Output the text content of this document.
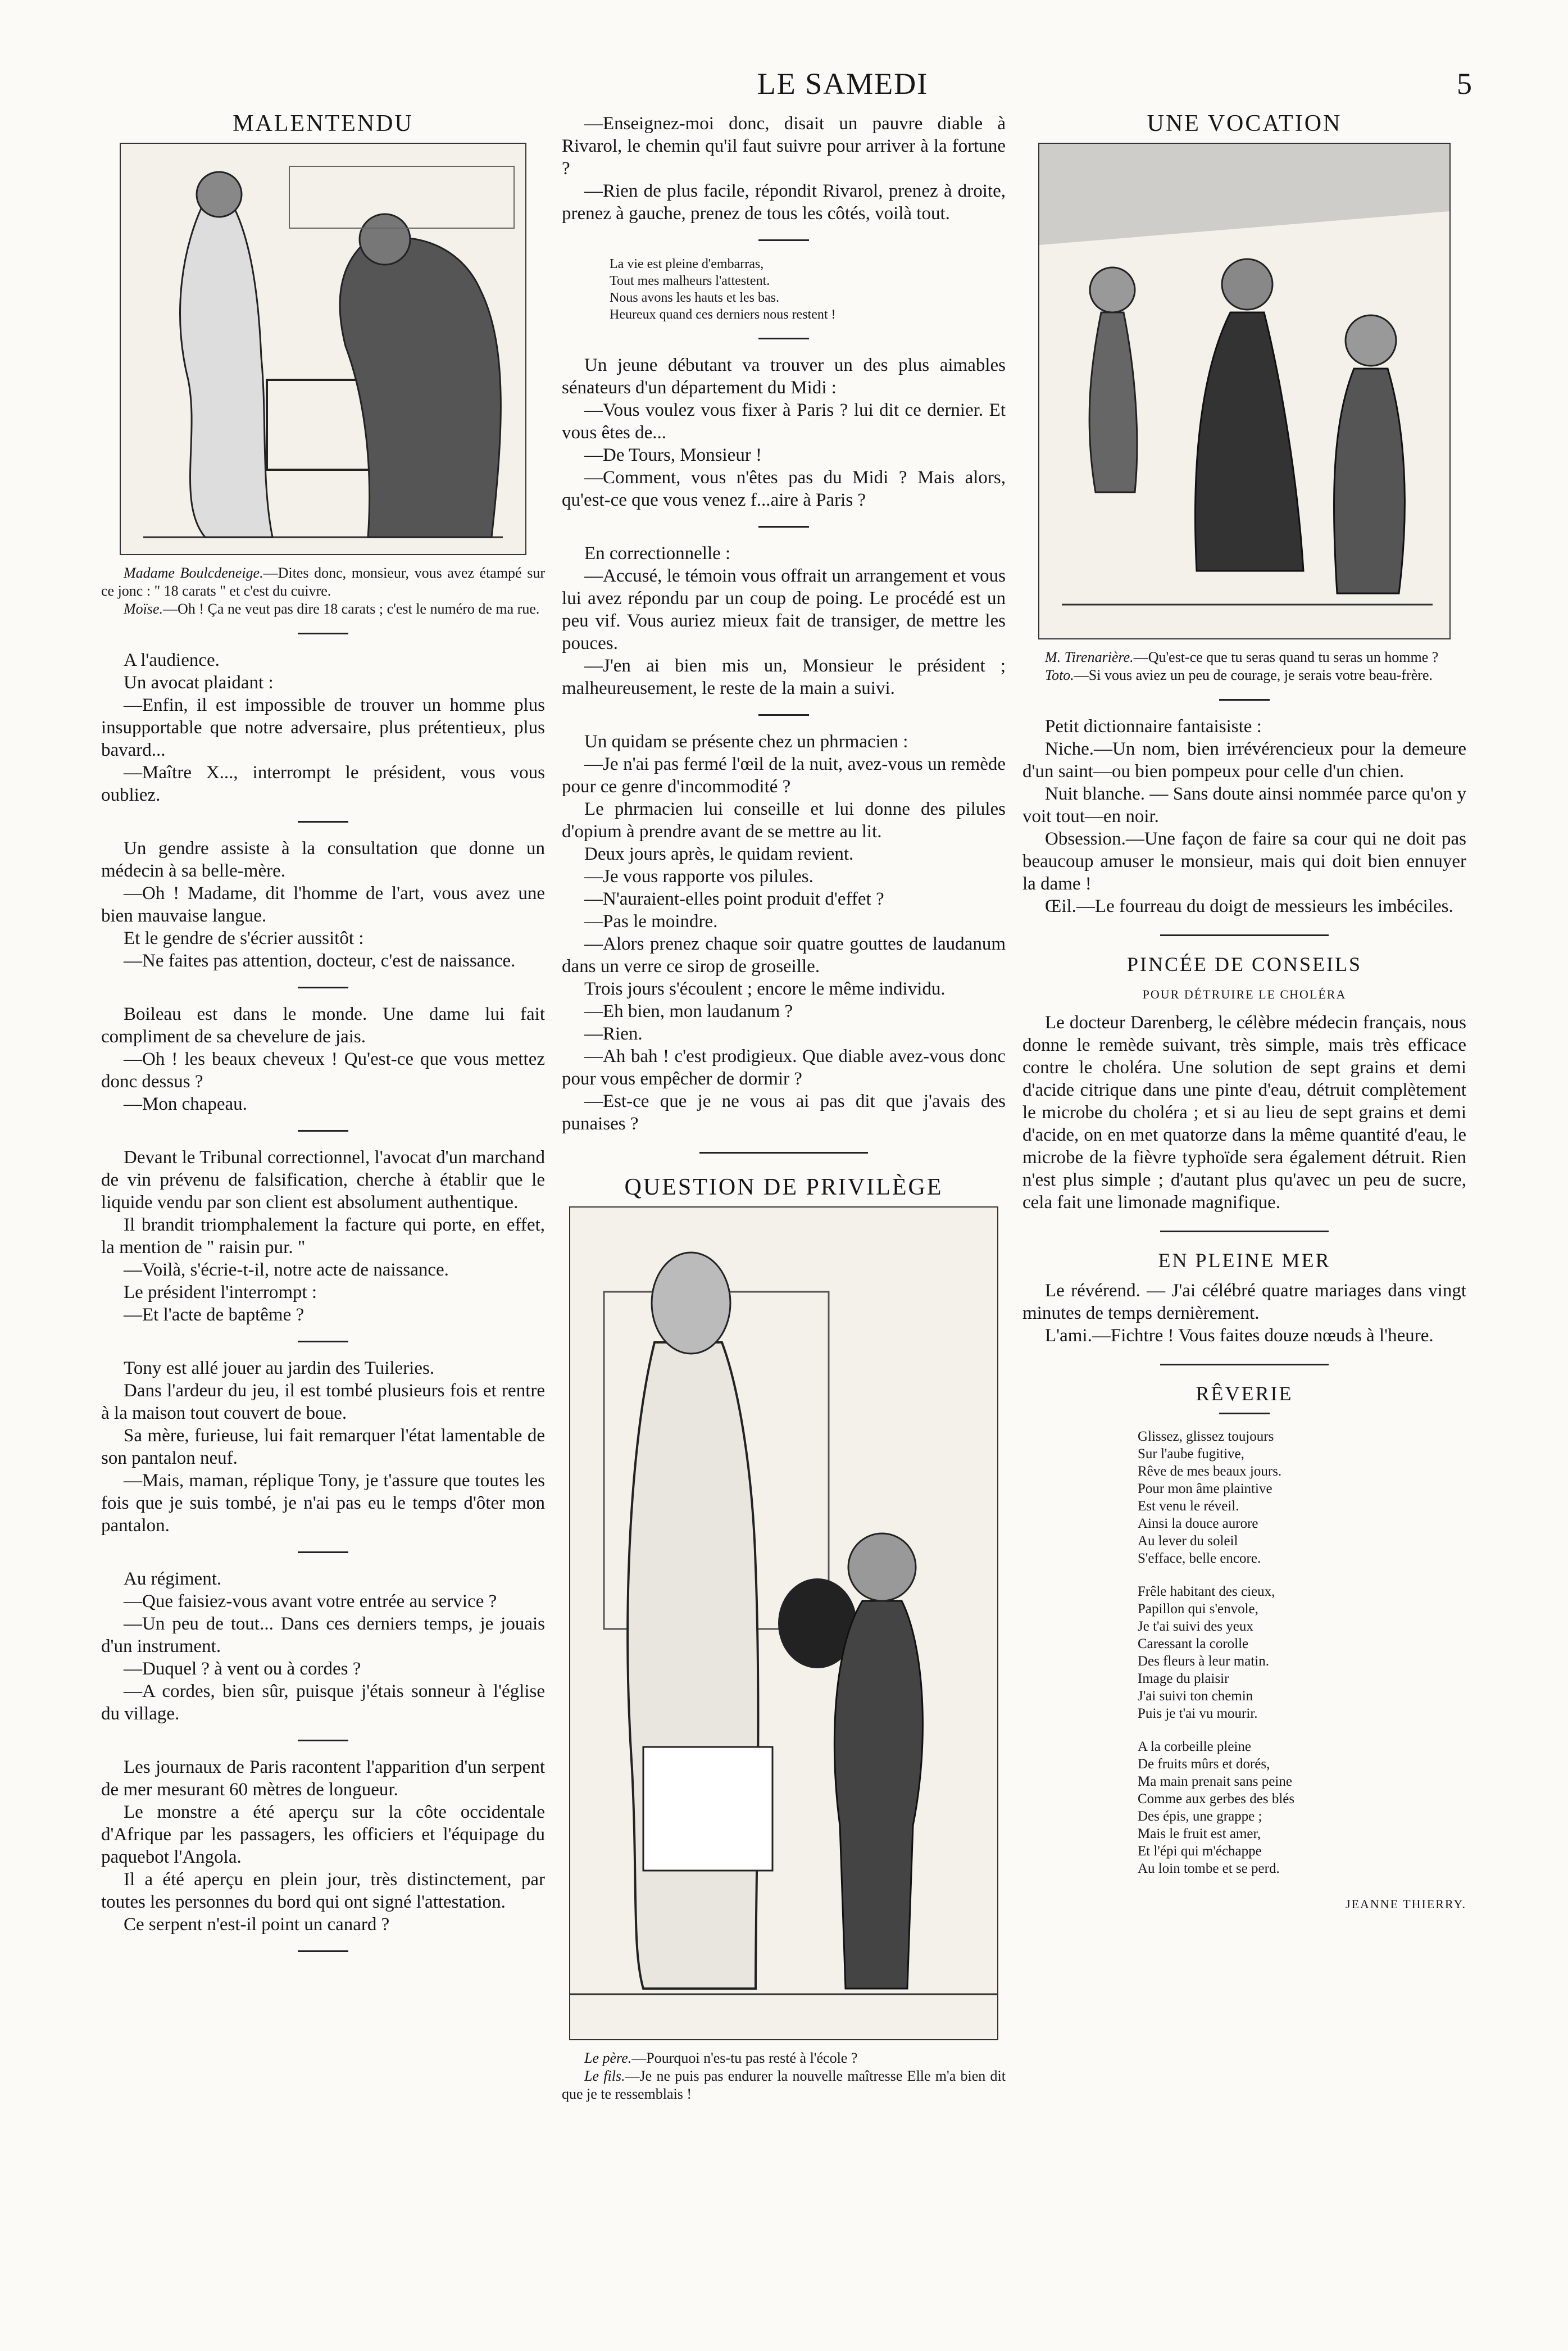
LE SAMEDI	5
MALENTENDU

Madame Boulcdeneige.—Dites donc, monsieur, vous avez étampé sur ce jonc : " 18 carats " et c'est du cuivre.

Moïse.—Oh ! Ça ne veut pas dire 18 carats ; c'est le numéro de ma rue.

A l'audience.

Un avocat plaidant :

—Enfin, il est impossible de trouver un homme plus insupportable que notre adversaire, plus prétentieux, plus bavard...

—Maître X..., interrompt le président, vous vous oubliez.

Un gendre assiste à la consultation que donne un médecin à sa belle-mère.

—Oh ! Madame, dit l'homme de l'art, vous avez une bien mauvaise langue.

Et le gendre de s'écrier aussitôt :

—Ne faites pas attention, docteur, c'est de naissance.

Boileau est dans le monde. Une dame lui fait compliment de sa chevelure de jais.

—Oh ! les beaux cheveux ! Qu'est-ce que vous mettez donc dessus ?

—Mon chapeau.

Devant le Tribunal correctionnel, l'avocat d'un marchand de vin prévenu de falsification, cherche à établir que le liquide vendu par son client est absolument authentique.

Il brandit triomphalement la facture qui porte, en effet, la mention de " raisin pur. "

—Voilà, s'écrie-t-il, notre acte de naissance.

Le président l'interrompt :

—Et l'acte de baptême ?

Tony est allé jouer au jardin des Tuileries.

Dans l'ardeur du jeu, il est tombé plusieurs fois et rentre à la maison tout couvert de boue.

Sa mère, furieuse, lui fait remarquer l'état lamentable de son pantalon neuf.

—Mais, maman, réplique Tony, je t'assure que toutes les fois que je suis tombé, je n'ai pas eu le temps d'ôter mon pantalon.

Au régiment.

—Que faisiez-vous avant votre entrée au service ?

—Un peu de tout... Dans ces derniers temps, je jouais d'un instrument.

—Duquel ? à vent ou à cordes ?

—A cordes, bien sûr, puisque j'étais sonneur à l'église du village.

Les journaux de Paris racontent l'apparition d'un serpent de mer mesurant 60 mètres de longueur.

Le monstre a été aperçu sur la côte occidentale d'Afrique par les passagers, les officiers et l'équipage du paquebot l'Angola.

Il a été aperçu en plein jour, très distinctement, par toutes les personnes du bord qui ont signé l'attestation.

Ce serpent n'est-il point un canard ?

—Enseignez-moi donc, disait un pauvre diable à Rivarol, le chemin qu'il faut suivre pour arriver à la fortune ?

—Rien de plus facile, répondit Rivarol, prenez à droite, prenez à gauche, prenez de tous les côtés, voilà tout.

La vie est pleine d'embarras,
Tout mes malheurs l'attestent.
Nous avons les hauts et les bas.
Heureux quand ces derniers nous restent !

Un jeune débutant va trouver un des plus aimables sénateurs d'un département du Midi :

—Vous voulez vous fixer à Paris ? lui dit ce dernier. Et vous êtes de...

—De Tours, Monsieur !

—Comment, vous n'êtes pas du Midi ? Mais alors, qu'est-ce que vous venez f...aire à Paris ?

En correctionnelle :

—Accusé, le témoin vous offrait un arrangement et vous lui avez répondu par un coup de poing. Le procédé est un peu vif. Vous auriez mieux fait de transiger, de mettre les pouces.

—J'en ai bien mis un, Monsieur le président ; malheureusement, le reste de la main a suivi.

Un quidam se présente chez un phrmacien :

—Je n'ai pas fermé l'œil de la nuit, avez-vous un remède pour ce genre d'incommodité ?

Le phrmacien lui conseille et lui donne des pilules d'opium à prendre avant de se mettre au lit.

Deux jours après, le quidam revient.

—Je vous rapporte vos pilules.

—N'auraient-elles point produit d'effet ?

—Pas le moindre.

—Alors prenez chaque soir quatre gouttes de laudanum dans un verre ce sirop de groseille.

Trois jours s'écoulent ; encore le même individu.

—Eh bien, mon laudanum ?

—Rien.

—Ah bah ! c'est prodigieux. Que diable avez-vous donc pour vous empêcher de dormir ?

—Est-ce que je ne vous ai pas dit que j'avais des punaises ?

QUESTION DE PRIVILÈGE

Le père.—Pourquoi n'es-tu pas resté à l'école ?

Le fils.—Je ne puis pas endurer la nouvelle maîtresse Elle m'a bien dit que je te ressemblais !

UNE VOCATION

M. Tirenarière.—Qu'est-ce que tu seras quand tu seras un homme ?

Toto.—Si vous aviez un peu de courage, je serais votre beau-frère.

Petit dictionnaire fantaisiste :

Niche.—Un nom, bien irrévérencieux pour la demeure d'un saint—ou bien pompeux pour celle d'un chien.

Nuit blanche. — Sans doute ainsi nommée parce qu'on y voit tout—en noir.

Obsession.—Une façon de faire sa cour qui ne doit pas beaucoup amuser le monsieur, mais qui doit bien ennuyer la dame !

Œil.—Le fourreau du doigt de messieurs les imbéciles.

PINCÉE DE CONSEILS
POUR DÉTRUIRE LE CHOLÉRA

Le docteur Darenberg, le célèbre médecin français, nous donne le remède suivant, très simple, mais très efficace contre le choléra. Une solution de sept grains et demi d'acide citrique dans une pinte d'eau, détruit complètement le microbe du choléra ; et si au lieu de sept grains et demi d'acide, on en met quatorze dans la même quantité d'eau, le microbe de la fièvre typhoïde sera également détruit. Rien n'est plus simple ; d'autant plus qu'avec un peu de sucre, cela fait une limonade magnifique.

EN PLEINE MER

Le révérend. — J'ai célébré quatre mariages dans vingt minutes de temps dernièrement.

L'ami.—Fichtre ! Vous faites douze nœuds à l'heure.

RÊVERIE
Glissez, glissez toujours
Sur l'aube fugitive,
Rêve de mes beaux jours.
Pour mon âme plaintive
Est venu le réveil.
Ainsi la douce aurore
Au lever du soleil
S'efface, belle encore.
Frêle habitant des cieux,
Papillon qui s'envole,
Je t'ai suivi des yeux
Caressant la corolle
Des fleurs à leur matin.
Image du plaisir
J'ai suivi ton chemin
Puis je t'ai vu mourir.
A la corbeille pleine
De fruits mûrs et dorés,
Ma main prenait sans peine
Comme aux gerbes des blés
Des épis, une grappe ;
Mais le fruit est amer,
Et l'épi qui m'échappe
Au loin tombe et se perd.
JEANNE THIERRY.
